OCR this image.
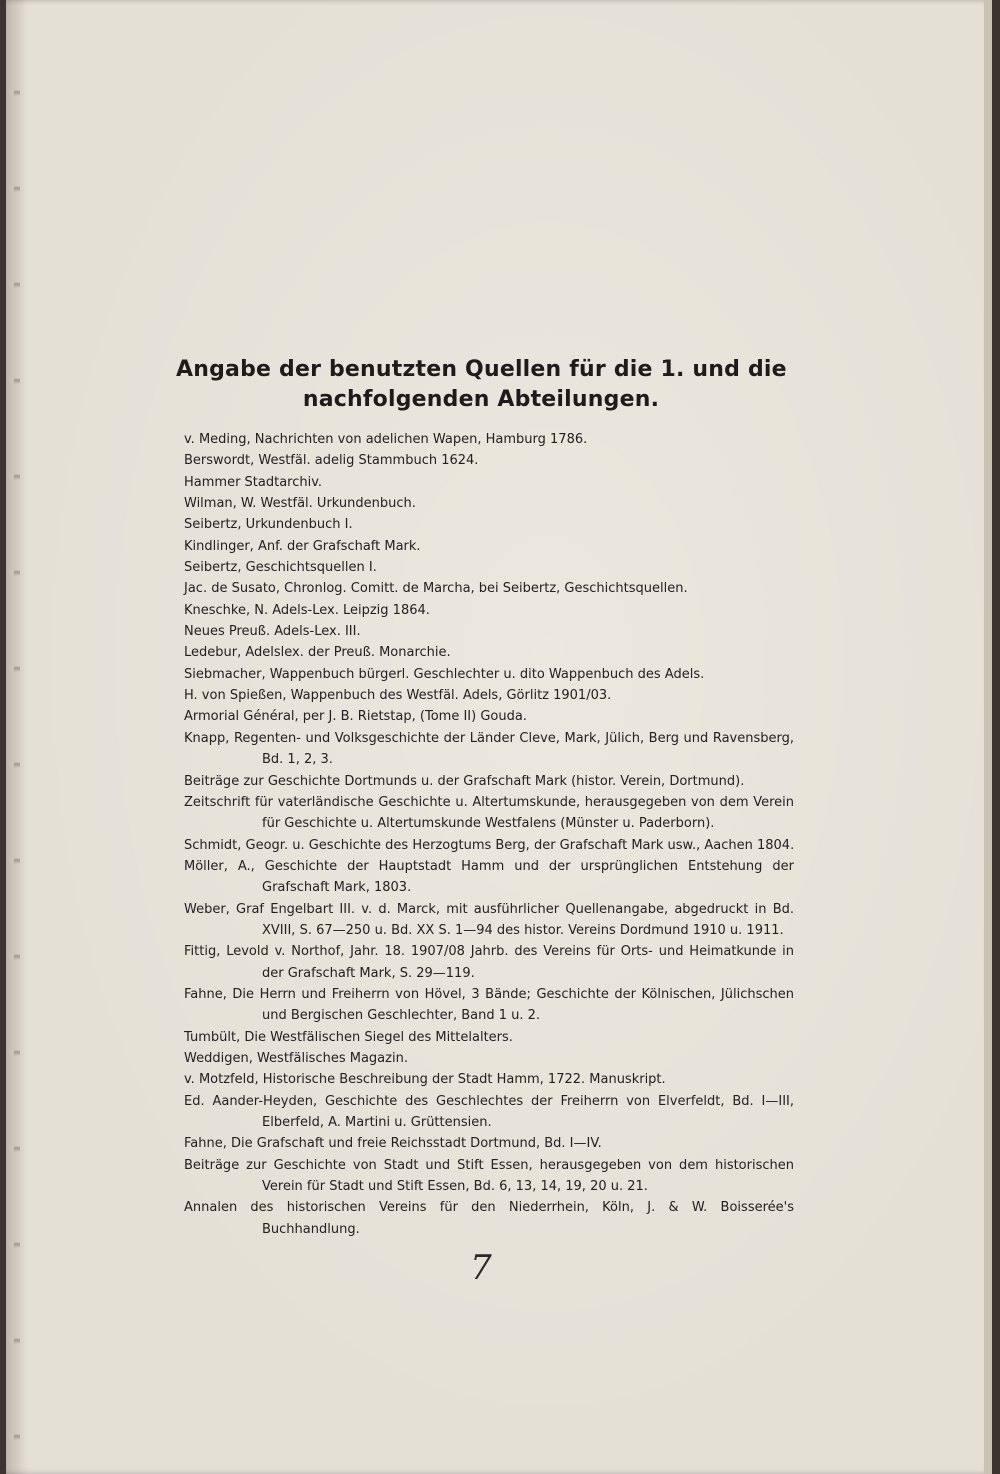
Angabe der benutzten Quellen für die 1. und die
nachfolgenden Abteilungen.
v. Meding, Nachrichten von adelichen Wapen, Hamburg 1786.
Berswordt, Westfäl. adelig Stammbuch 1624.
Hammer Stadtarchiv.
Wilman, W. Westfäl. Urkundenbuch.
Seibertz, Urkundenbuch I.
Kindlinger, Anf. der Grafschaft Mark.
Seibertz, Geschichtsquellen I.
Jac. de Susato, Chronlog. Comitt. de Marcha, bei Seibertz, Geschichtsquellen.
Kneschke, N. Adels-Lex. Leipzig 1864.
Neues Preuß. Adels-Lex. III.
Ledebur, Adelslex. der Preuß. Monarchie.
Siebmacher, Wappenbuch bürgerl. Geschlechter u. dito Wappenbuch des Adels.
H. von Spießen, Wappenbuch des Westfäl. Adels, Görlitz 1901/03.
Armorial Général, per J. B. Rietstap, (Tome II) Gouda.
Knapp, Regenten- und Volksgeschichte der Länder Cleve, Mark, Jülich, Berg und Ravensberg, Bd. 1, 2, 3.
Beiträge zur Geschichte Dortmunds u. der Grafschaft Mark (histor. Verein, Dortmund).
Zeitschrift für vaterländische Geschichte u. Altertumskunde, herausgegeben von dem Verein für Geschichte u. Altertumskunde Westfalens (Münster u. Paderborn).
Schmidt, Geogr. u. Geschichte des Herzogtums Berg, der Grafschaft Mark usw., Aachen 1804.
Möller, A., Geschichte der Hauptstadt Hamm und der ursprünglichen Entstehung der Grafschaft Mark, 1803.
Weber, Graf Engelbart III. v. d. Marck, mit ausführlicher Quellenangabe, abgedruckt in Bd. XVIII, S. 67—250 u. Bd. XX S. 1—94 des histor. Vereins Dordmund 1910 u. 1911.
Fittig, Levold v. Northof, Jahr. 18. 1907/08 Jahrb. des Vereins für Orts- und Heimatkunde in der Grafschaft Mark, S. 29—119.
Fahne, Die Herrn und Freiherrn von Hövel, 3 Bände; Geschichte der Kölnischen, Jülichschen und Bergischen Geschlechter, Band 1 u. 2.
Tumbült, Die Westfälischen Siegel des Mittelalters.
Weddigen, Westfälisches Magazin.
v. Motzfeld, Historische Beschreibung der Stadt Hamm, 1722. Manuskript.
Ed. Aander-Heyden, Geschichte des Geschlechtes der Freiherrn von Elverfeldt, Bd. I—III, Elberfeld, A. Martini u. Grüttensien.
Fahne, Die Grafschaft und freie Reichsstadt Dortmund, Bd. I—IV.
Beiträge zur Geschichte von Stadt und Stift Essen, herausgegeben von dem historischen Verein für Stadt und Stift Essen, Bd. 6, 13, 14, 19, 20 u. 21.
Annalen des historischen Vereins für den Niederrhein, Köln, J. & W. Boisserée's Buchhandlung.
7
